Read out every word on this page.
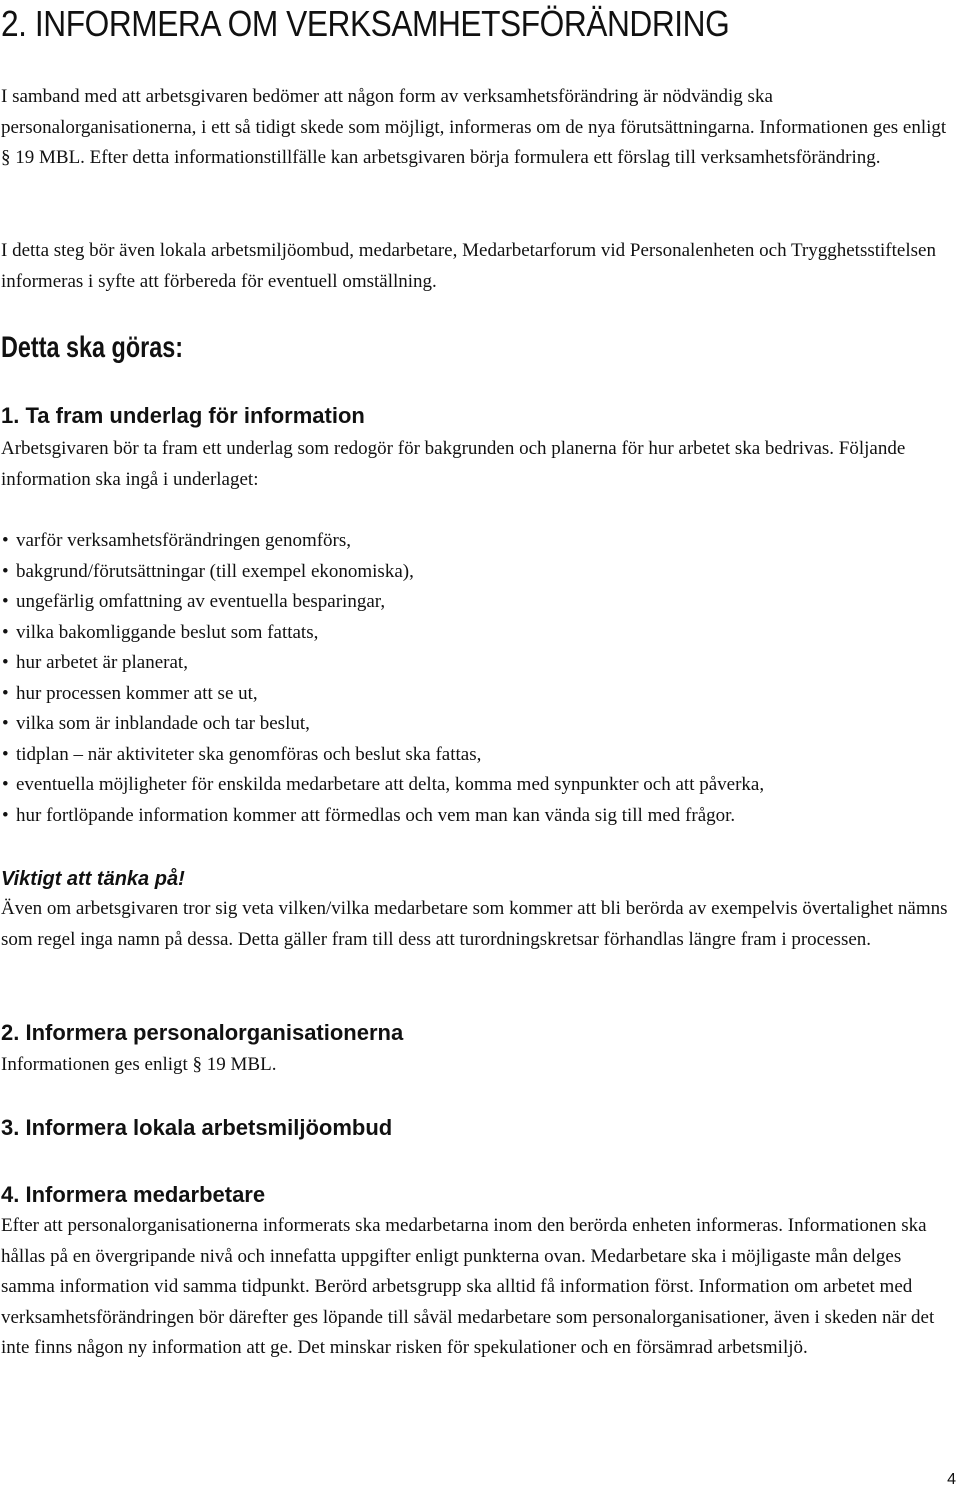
2. INFORMERA OM VERKSAMHETSFÖRÄNDRING

I samband med att arbetsgivaren bedömer att någon form av verksamhetsförändring är nödvändig ska personalorganisationerna, i ett så tidigt skede som möjligt, informeras om de nya förutsättningarna. Informationen ges enligt § 19 MBL. Efter detta informationstillfälle kan arbetsgivaren börja formulera ett förslag till verksamhetsförändring.

I detta steg bör även lokala arbetsmiljöombud, medarbetare, Medarbetarforum vid Personalenheten och Trygghetsstiftelsen informeras i syfte att förbereda för eventuell omställning.

Detta ska göras:
1. Ta fram underlag för information

Arbetsgivaren bör ta fram ett underlag som redogör för bakgrunden och planerna för hur arbetet ska bedrivas. Följande information ska ingå i underlaget:

• varför verksamhetsförändringen genomförs,
• bakgrund/förutsättningar (till exempel ekonomiska),
• ungefärlig omfattning av eventuella besparingar,
• vilka bakomliggande beslut som fattats,
• hur arbetet är planerat,
• hur processen kommer att se ut,
• vilka som är inblandade och tar beslut,
• tidplan – när aktiviteter ska genomföras och beslut ska fattas,
• eventuella möjligheter för enskilda medarbetare att delta, komma med synpunkter och att påverka,
• hur fortlöpande information kommer att förmedlas och vem man kan vända sig till med frågor.
Viktigt att tänka på!

Även om arbetsgivaren tror sig veta vilken/vilka medarbetare som kommer att bli berörda av exempelvis övertalighet nämns som regel inga namn på dessa. Detta gäller fram till dess att turordningskretsar förhandlas längre fram i processen.

2. Informera personalorganisationerna

Informationen ges enligt § 19 MBL.

3. Informera lokala arbetsmiljöombud
4. Informera medarbetare

Efter att personalorganisationerna informerats ska medarbetarna inom den berörda enheten informeras. Informationen ska hållas på en övergripande nivå och innefatta uppgifter enligt punkterna ovan. Medarbetare ska i möjligaste mån delges samma information vid samma tidpunkt. Berörd arbetsgrupp ska alltid få information först. Information om arbetet med verksamhetsförändringen bör därefter ges löpande till såväl medarbetare som personalorganisationer, även i skeden när det inte finns någon ny information att ge. Det minskar risken för spekulationer och en försämrad arbetsmiljö.

4
